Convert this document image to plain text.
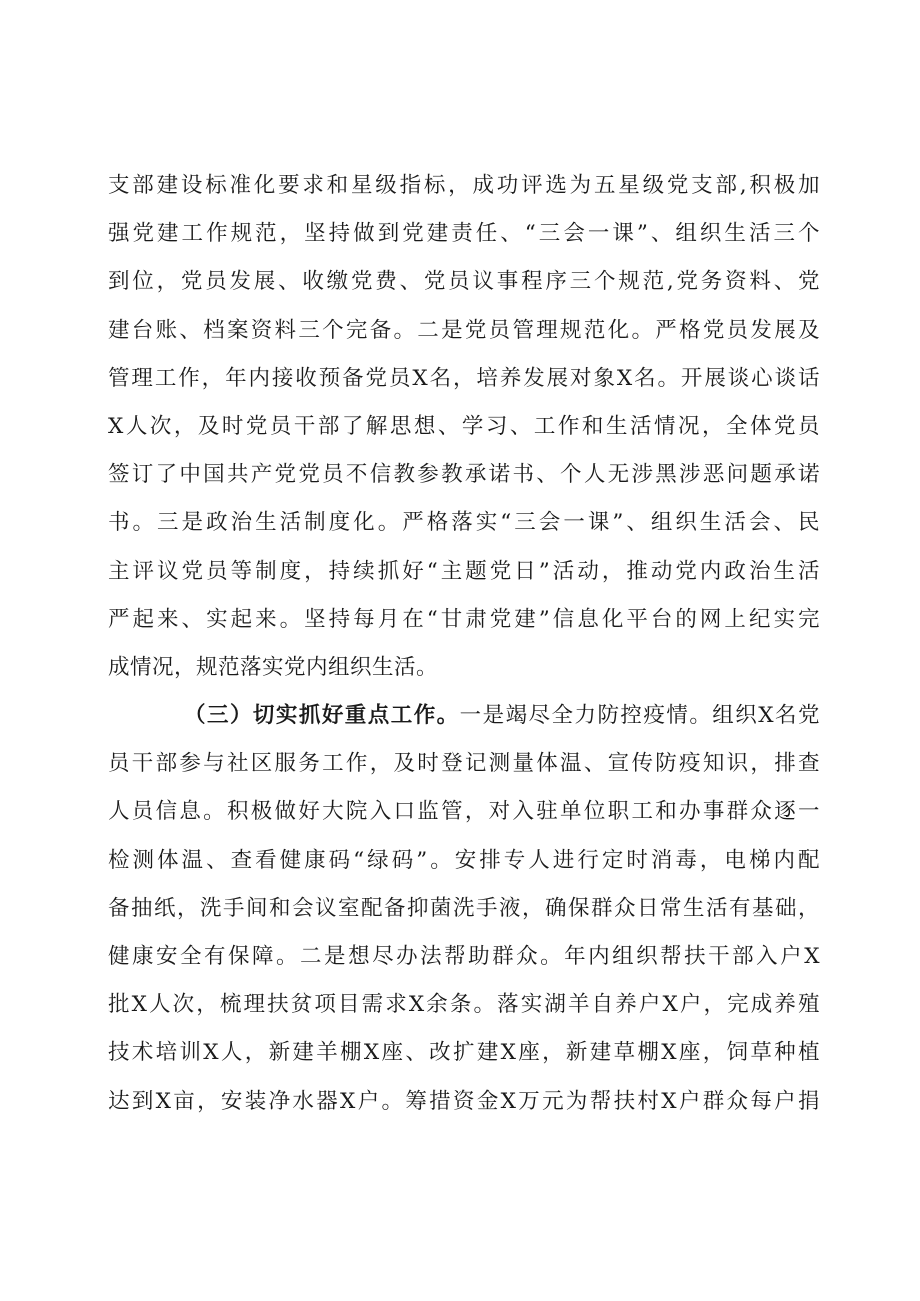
支部建设标准化要求和星级指标，成功评选为五星级党支部,积极加
强党建工作规范，坚持做到党建责任、“三会一课”、组织生活三个
到位，党员发展、收缴党费、党员议事程序三个规范,党务资料、党
建台账、档案资料三个完备。二是党员管理规范化。严格党员发展及
管理工作，年内接收预备党员X名，培养发展对象X名。开展谈心谈话
X人次，及时党员干部了解思想、学习、工作和生活情况，全体党员
签订了中国共产党党员不信教参教承诺书、个人无涉黑涉恶问题承诺
书。三是政治生活制度化。严格落实“三会一课”、组织生活会、民
主评议党员等制度，持续抓好“主题党日”活动，推动党内政治生活
严起来、实起来。坚持每月在“甘肃党建”信息化平台的网上纪实完
成情况，规范落实党内组织生活。
（三）切实抓好重点工作。一是竭尽全力防控疫情。组织X名党
员干部参与社区服务工作，及时登记测量体温、宣传防疫知识，排查
人员信息。积极做好大院入口监管，对入驻单位职工和办事群众逐一
检测体温、查看健康码“绿码”。安排专人进行定时消毒，电梯内配
备抽纸，洗手间和会议室配备抑菌洗手液，确保群众日常生活有基础，
健康安全有保障。二是想尽办法帮助群众。年内组织帮扶干部入户X
批X人次，梳理扶贫项目需求X余条。落实湖羊自养户X户，完成养殖
技术培训X人，新建羊棚X座、改扩建X座，新建草棚X座，饲草种植
达到X亩，安装净水器X户。筹措资金X万元为帮扶村X户群众每户捐
